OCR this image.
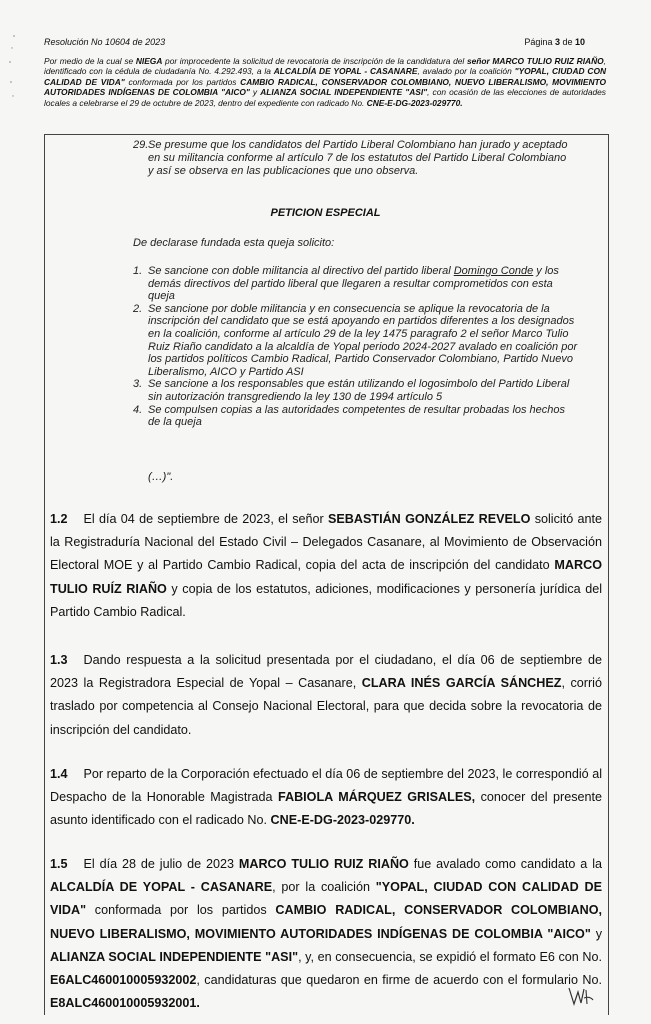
Resolución No 10604 de 2023	Página 3 de 10
Por medio de la cual se NIEGA por improcedente la solicitud de revocatoria de inscripción de la candidatura del señor MARCO TULIO RUIZ RIAÑO, identificado con la cédula de ciudadanía No. 4.292.493, a la ALCALDÍA DE YOPAL - CASANARE, avalado por la coalición "YOPAL, CIUDAD CON CALIDAD DE VIDA" conformada por los partidos CAMBIO RADICAL, CONSERVADOR COLOMBIANO, NUEVO LIBERALISMO, MOVIMIENTO AUTORIDADES INDÍGENAS DE COLOMBIA "AICO" y ALIANZA SOCIAL INDEPENDIENTE "ASI", con ocasión de las elecciones de autoridades locales a celebrarse el 29 de octubre de 2023, dentro del expediente con radicado No. CNE-E-DG-2023-029770.
29. Se presume que los candidatos del Partido Liberal Colombiano han jurado y aceptado en su militancia conforme al artículo 7 de los estatutos del Partido Liberal Colombiano y así se observa en las publicaciones que uno observa.
PETICION ESPECIAL
De declarase fundada esta queja solicito:
1. Se sancione con doble militancia al directivo del partido liberal Domingo Conde y los demás directivos del partido liberal que llegaren a resultar comprometidos con esta queja
2. Se sancione por doble militancia y en consecuencia se aplique la revocatoria de la inscripción del candidato que se está apoyando en partidos diferentes a los designados en la coalición, conforme al artículo 29 de la ley 1475 paragrafo 2 el señor Marco Tulio Ruiz Riaño candidato a la alcaldía de Yopal periodo 2024-2027 avalado en coalición por los partidos políticos Cambio Radical, Partido Conservador Colombiano, Partido Nuevo Liberalismo, AICO y Partido ASI
3. Se sancione a los responsables que están utilizando el logosimbolo del Partido Liberal sin autorización transgrediendo la ley 130 de 1994 artículo 5
4. Se compulsen copias a las autoridades competentes de resultar probadas los hechos de la queja
(…)".
1.2 El día 04 de septiembre de 2023, el señor SEBASTIÁN GONZÁLEZ REVELO solicitó ante la Registraduría Nacional del Estado Civil – Delegados Casanare, al Movimiento de Observación Electoral MOE y al Partido Cambio Radical, copia del acta de inscripción del candidato MARCO TULIO RUÍZ RIAÑO y copia de los estatutos, adiciones, modificaciones y personería jurídica del Partido Cambio Radical.
1.3 Dando respuesta a la solicitud presentada por el ciudadano, el día 06 de septiembre de 2023 la Registradora Especial de Yopal – Casanare, CLARA INÉS GARCÍA SÁNCHEZ, corrió traslado por competencia al Consejo Nacional Electoral, para que decida sobre la revocatoria de inscripción del candidato.
1.4 Por reparto de la Corporación efectuado el día 06 de septiembre del 2023, le correspondió al Despacho de la Honorable Magistrada FABIOLA MÁRQUEZ GRISALES, conocer del presente asunto identificado con el radicado No. CNE-E-DG-2023-029770.
1.5 El día 28 de julio de 2023 MARCO TULIO RUIZ RIAÑO fue avalado como candidato a la ALCALDÍA DE YOPAL - CASANARE, por la coalición "YOPAL, CIUDAD CON CALIDAD DE VIDA" conformada por los partidos CAMBIO RADICAL, CONSERVADOR COLOMBIANO, NUEVO LIBERALISMO, MOVIMIENTO AUTORIDADES INDÍGENAS DE COLOMBIA "AICO" y ALIANZA SOCIAL INDEPENDIENTE "ASI", y, en consecuencia, se expidió el formato E6 con No. E6ALC460010005932002, candidaturas que quedaron en firme de acuerdo con el formulario No. E8ALC460010005932001.
